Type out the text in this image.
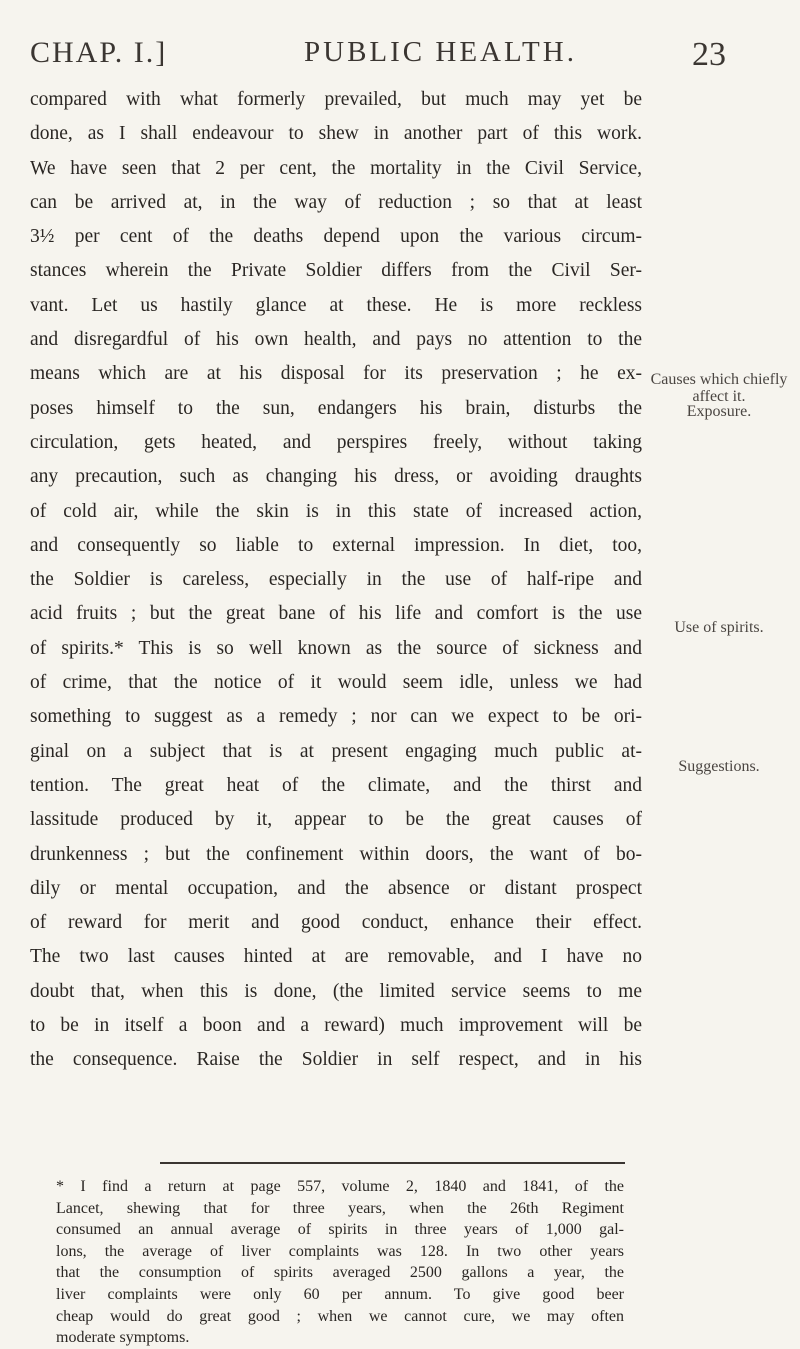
CHAP. I.]	PUBLIC HEALTH.	23
compared with what formerly prevailed, but much may yet be
done, as I shall endeavour to shew in another part of this work.
We have seen that 2 per cent, the mortality in the Civil Service,
can be arrived at, in the way of reduction ; so that at least
3½ per cent of the deaths depend upon the various circum-
stances wherein the Private Soldier differs from the Civil Ser-
vant. Let us hastily glance at these. He is more reckless
and disregardful of his own health, and pays no attention to the
means which are at his disposal for its preservation ; he ex-
poses himself to the sun, endangers his brain, disturbs the
circulation, gets heated, and perspires freely, without taking
any precaution, such as changing his dress, or avoiding draughts
of cold air, while the skin is in this state of increased action,
and consequently so liable to external impression. In diet, too,
the Soldier is careless, especially in the use of half-ripe and
acid fruits ; but the great bane of his life and comfort is the use
of spirits.* This is so well known as the source of sickness and
of crime, that the notice of it would seem idle, unless we had
something to suggest as a remedy ; nor can we expect to be ori-
ginal on a subject that is at present engaging much public at-
tention. The great heat of the climate, and the thirst and
lassitude produced by it, appear to be the great causes of
drunkenness ; but the confinement within doors, the want of bo-
dily or mental occupation, and the absence or distant prospect
of reward for merit and good conduct, enhance their effect.
The two last causes hinted at are removable, and I have no
doubt that, when this is done, (the limited service seems to me
to be in itself a boon and a reward) much improvement will be
the consequence. Raise the Soldier in self respect, and in his
Causes which chiefly affect it.
Exposure.
Use of spirits.
Suggestions.
* I find a return at page 557, volume 2, 1840 and 1841, of the
Lancet, shewing that for three years, when the 26th Regiment
consumed an annual average of spirits in three years of 1,000 gal-
lons, the average of liver complaints was 128. In two other years
that the consumption of spirits averaged 2500 gallons a year, the
liver complaints were only 60 per annum. To give good beer
cheap would do great good ; when we cannot cure, we may often
moderate symptoms.
